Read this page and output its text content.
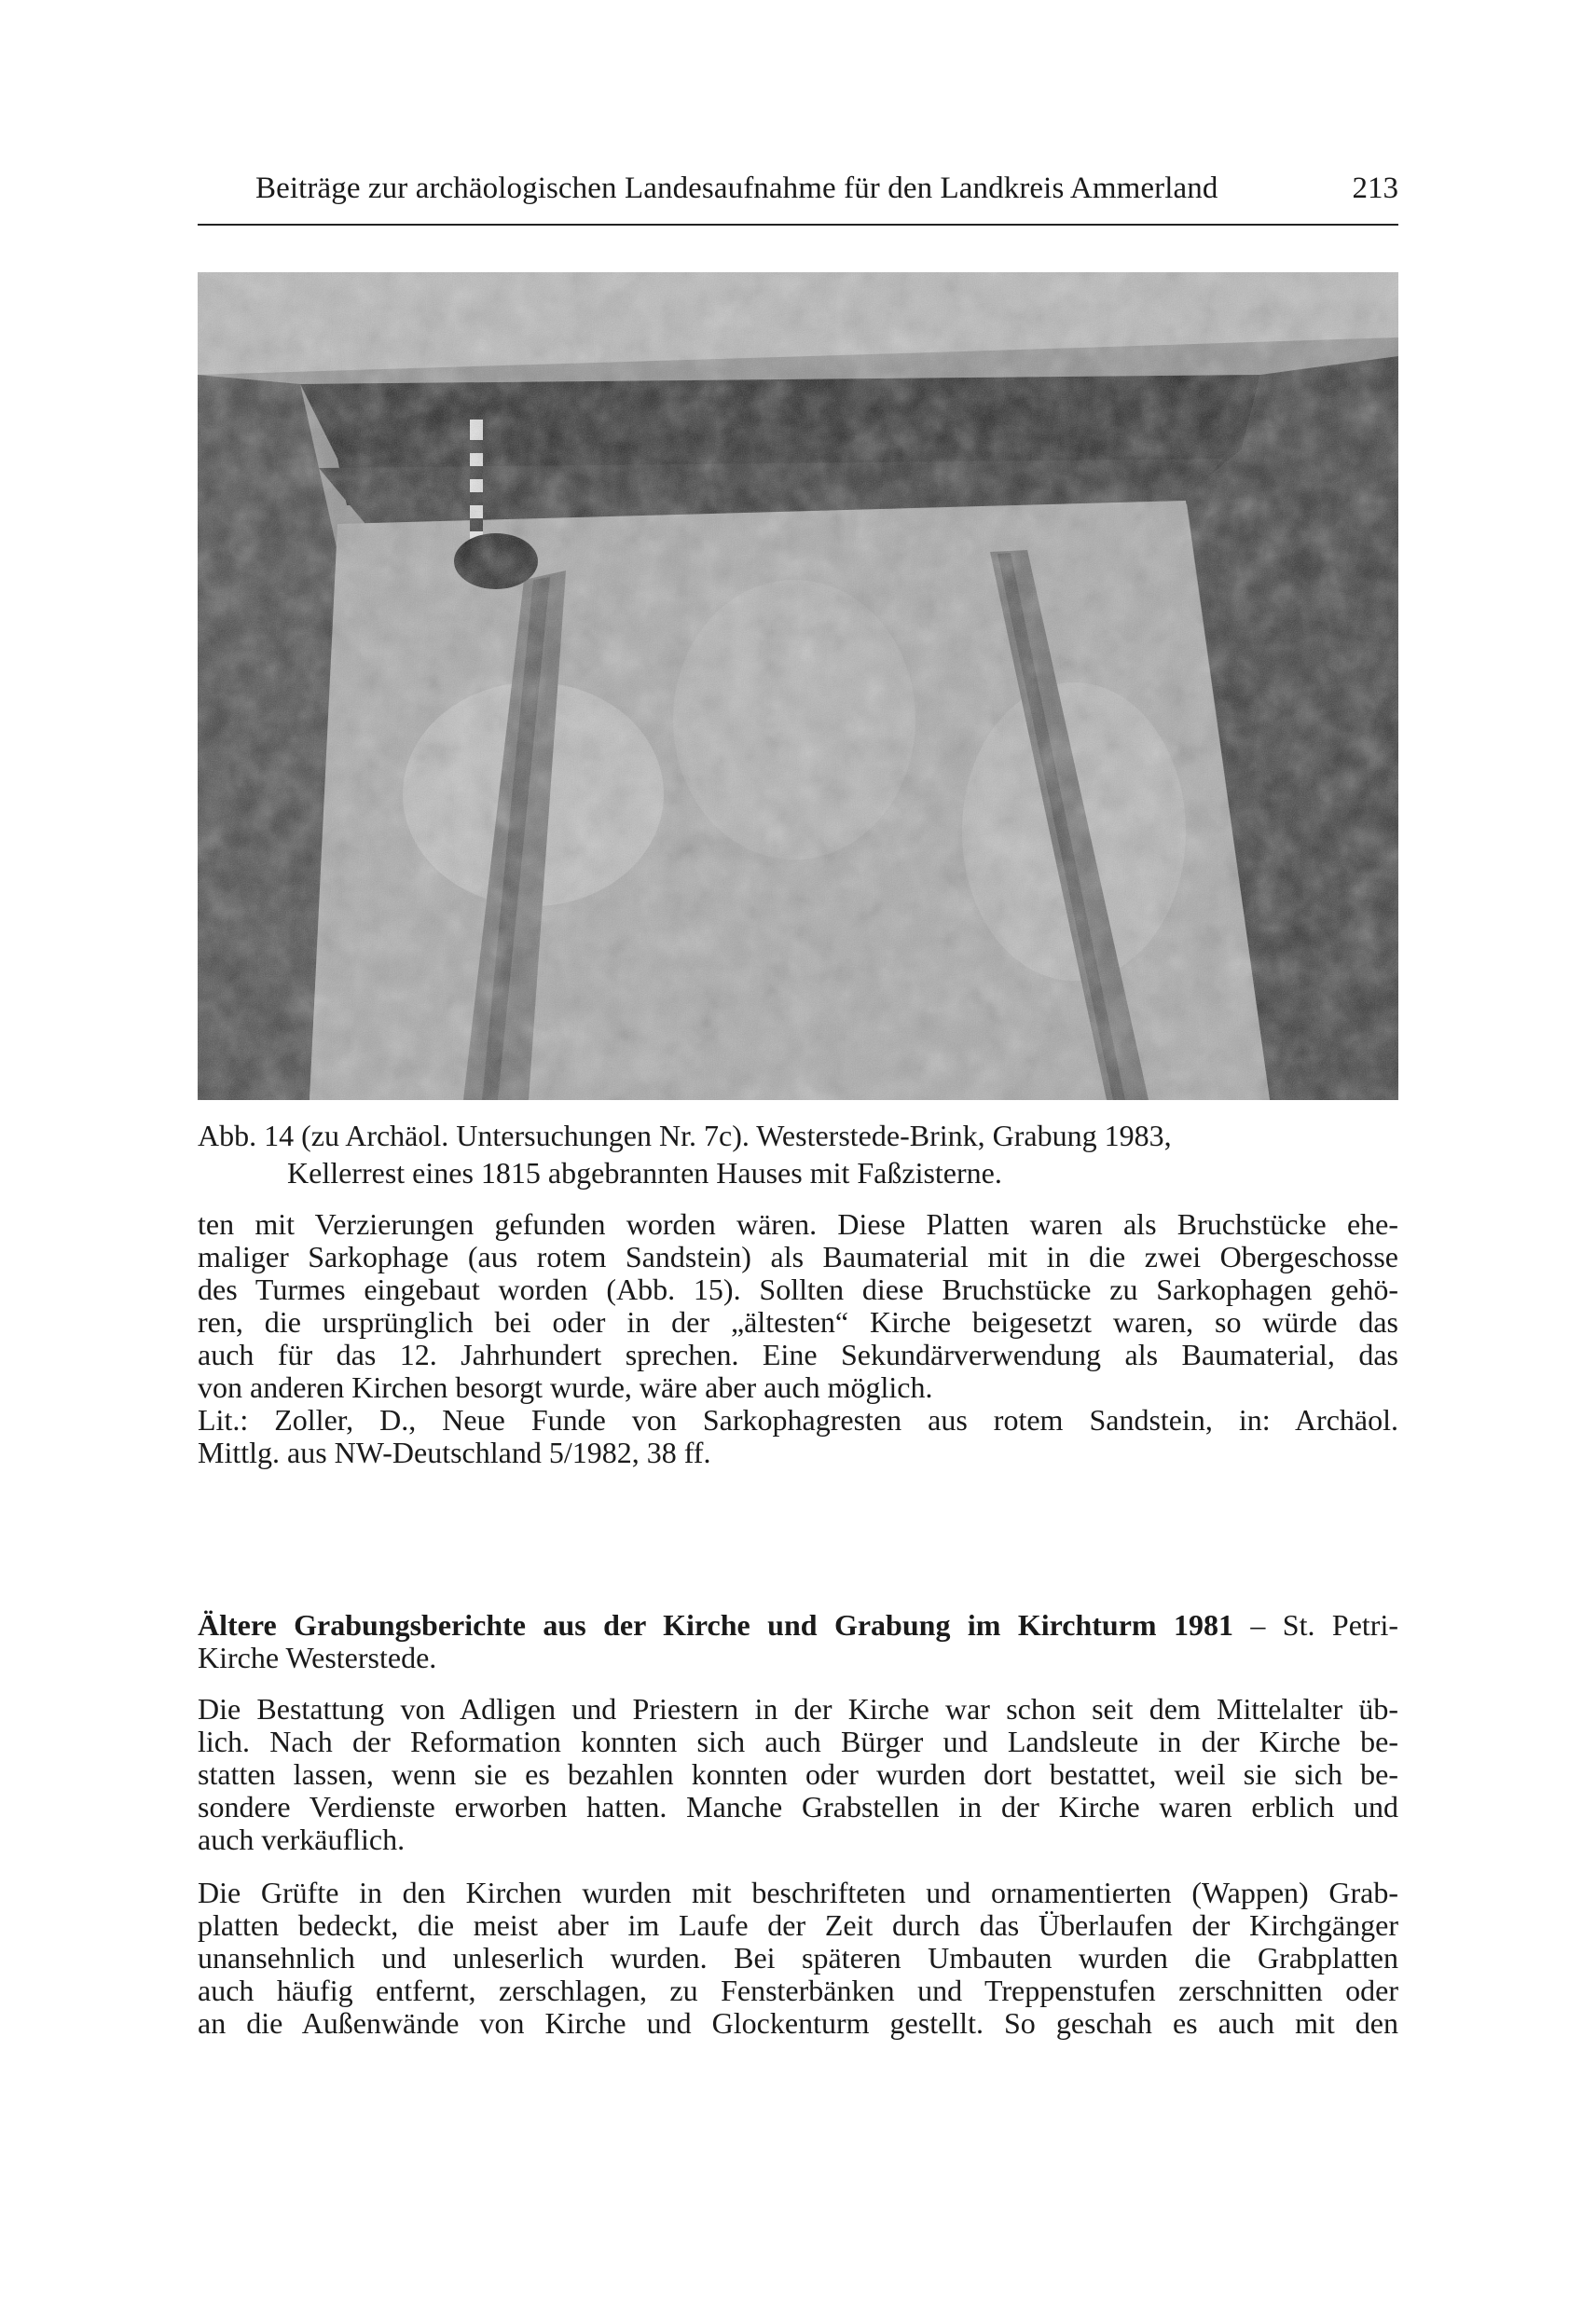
Beiträge zur archäologischen Landesaufnahme für den Landkreis Ammerland	213
Abb. 14 (zu Archäol. Untersuchungen Nr. 7c). Westerstede-Brink, Grabung 1983,
Kellerrest eines 1815 abgebrannten Hauses mit Faßzisterne.
ten mit Verzierungen gefunden worden wären. Diese Platten waren als Bruchstücke ehe-
maliger Sarkophage (aus rotem Sandstein) als Baumaterial mit in die zwei Obergeschosse
des Turmes eingebaut worden (Abb. 15). Sollten diese Bruchstücke zu Sarkophagen gehö-
ren, die ursprünglich bei oder in der „ältesten“ Kirche beigesetzt waren, so würde das
auch für das 12. Jahrhundert sprechen. Eine Sekundärverwendung als Baumaterial, das
von anderen Kirchen besorgt wurde, wäre aber auch möglich.
Lit.: Zoller, D., Neue Funde von Sarkophagresten aus rotem Sandstein, in: Archäol.
Mittlg. aus NW-Deutschland 5/1982, 38 ff.
Ältere Grabungsberichte aus der Kirche und Grabung im Kirchturm 1981 – St. Petri-
Kirche Westerstede.
Die Bestattung von Adligen und Priestern in der Kirche war schon seit dem Mittelalter üb-
lich. Nach der Reformation konnten sich auch Bürger und Landsleute in der Kirche be-
statten lassen, wenn sie es bezahlen konnten oder wurden dort bestattet, weil sie sich be-
sondere Verdienste erworben hatten. Manche Grabstellen in der Kirche waren erblich und
auch verkäuflich.
Die Grüfte in den Kirchen wurden mit beschrifteten und ornamentierten (Wappen) Grab-
platten bedeckt, die meist aber im Laufe der Zeit durch das Überlaufen der Kirchgänger
unansehnlich und unleserlich wurden. Bei späteren Umbauten wurden die Grabplatten
auch häufig entfernt, zerschlagen, zu Fensterbänken und Treppenstufen zerschnitten oder
an die Außenwände von Kirche und Glockenturm gestellt. So geschah es auch mit den
